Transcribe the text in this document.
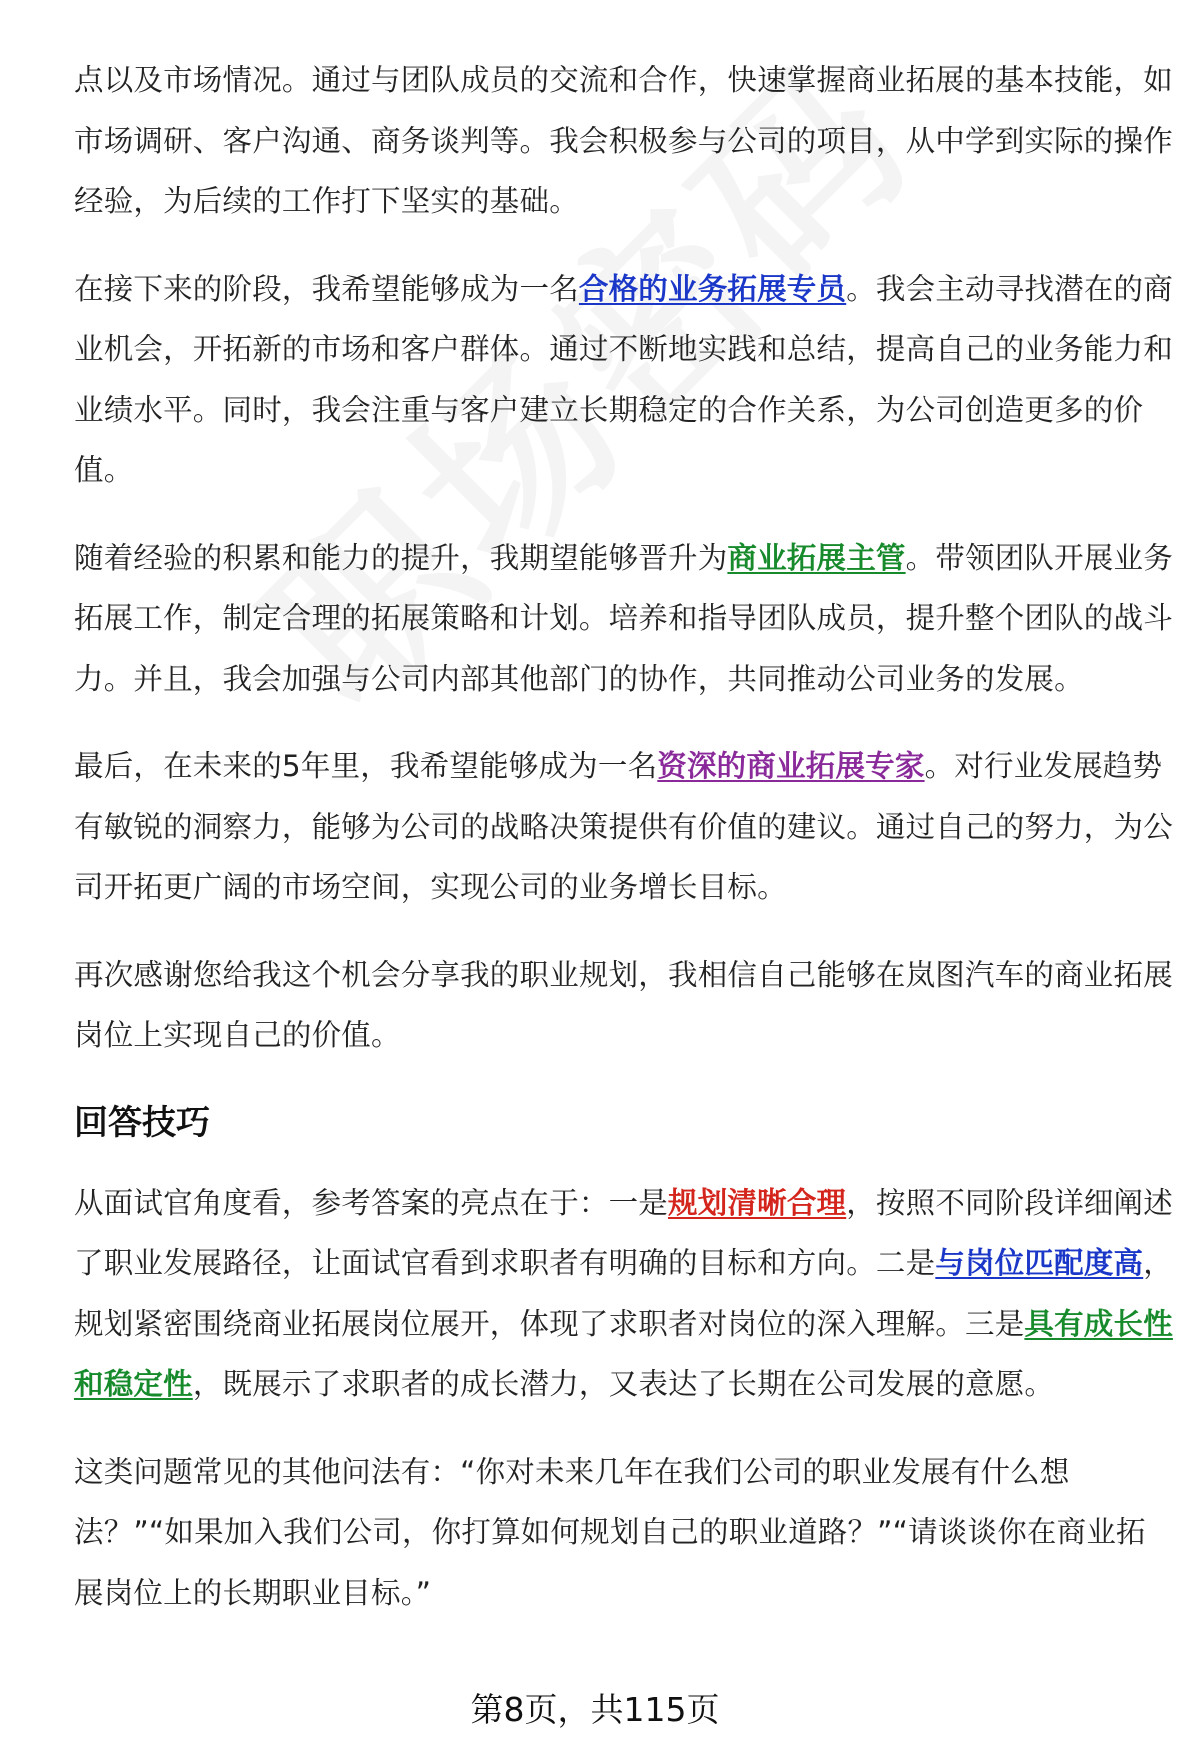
点以及市场情况。通过与团队成员的交流和合作，快速掌握商业拓展的基本技能，如市场调研、客户沟通、商务谈判等。我会积极参与公司的项目，从中学到实际的操作经验，为后续的工作打下坚实的基础。

在接下来的阶段，我希望能够成为一名合格的业务拓展专员。我会主动寻找潜在的商业机会，开拓新的市场和客户群体。通过不断地实践和总结，提高自己的业务能力和业绩水平。同时，我会注重与客户建立长期稳定的合作关系，为公司创造更多的价值。

随着经验的积累和能力的提升，我期望能够晋升为商业拓展主管。带领团队开展业务拓展工作，制定合理的拓展策略和计划。培养和指导团队成员，提升整个团队的战斗力。并且，我会加强与公司内部其他部门的协作，共同推动公司业务的发展。

最后，在未来的5年里，我希望能够成为一名资深的商业拓展专家。对行业发展趋势有敏锐的洞察力，能够为公司的战略决策提供有价值的建议。通过自己的努力，为公司开拓更广阔的市场空间，实现公司的业务增长目标。

再次感谢您给我这个机会分享我的职业规划，我相信自己能够在岚图汽车的商业拓展岗位上实现自己的价值。

回答技巧

从面试官角度看，参考答案的亮点在于：一是规划清晰合理，按照不同阶段详细阐述了职业发展路径，让面试官看到求职者有明确的目标和方向。二是与岗位匹配度高，规划紧密围绕商业拓展岗位展开，体现了求职者对岗位的深入理解。三是具有成长性和稳定性，既展示了求职者的成长潜力，又表达了长期在公司发展的意愿。

这类问题常见的其他问法有：“你对未来几年在我们公司的职业发展有什么想法？”“如果加入我们公司，你打算如何规划自己的职业道路？”“请谈谈你在商业拓展岗位上的长期职业目标。”

第8页，共115页
